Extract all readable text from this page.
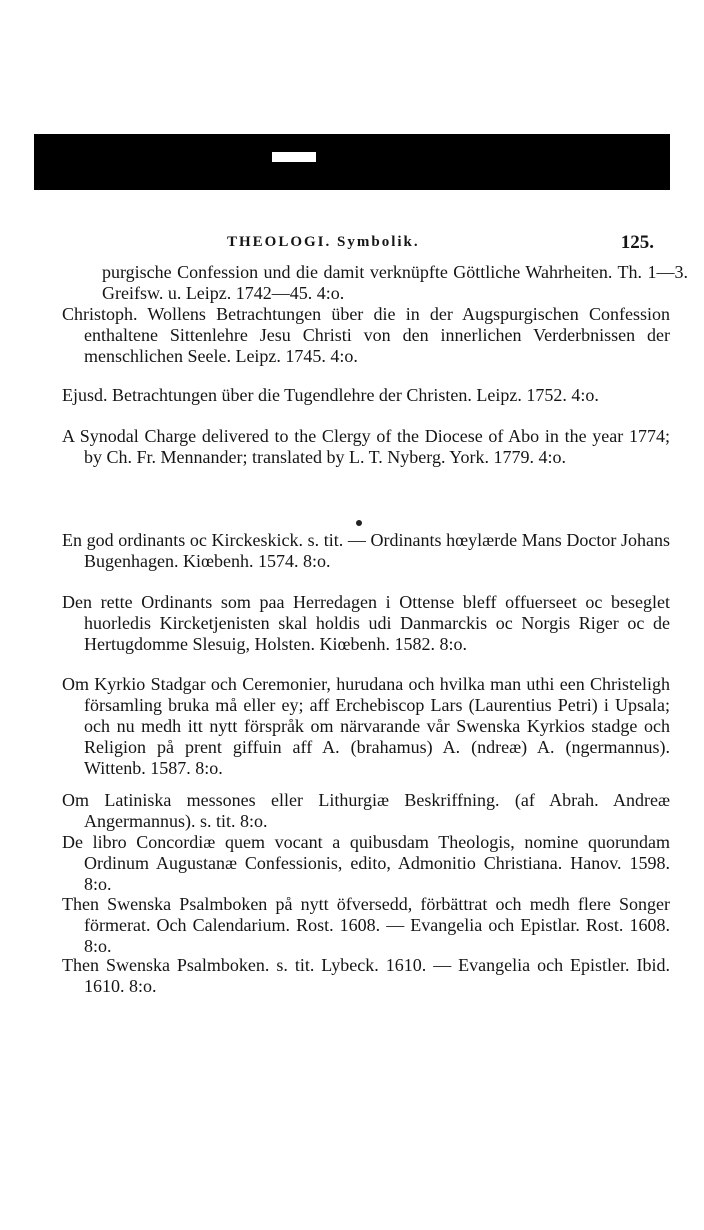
THEOLOGI. Symbolik.	125.
purgische Confession und die damit verknüpfte Göttliche Wahrheiten. Th. 1—3. Greifsw. u. Leipz. 1742—45. 4:o.
Christoph. Wollens Betrachtungen über die in der Augspurgischen Confession enthaltene Sittenlehre Jesu Christi von den innerlichen Verderbnissen der menschlichen Seele. Leipz. 1745. 4:o.
Ejusd. Betrachtungen über die Tugendlehre der Christen. Leipz. 1752. 4:o.
A Synodal Charge delivered to the Clergy of the Diocese of Abo in the year 1774; by Ch. Fr. Mennander; translated by L. T. Nyberg. York. 1779. 4:o.
En god ordinants oc Kirckeskick. s. tit. — Ordinants hœylærde Mans Doctor Johans Bugenhagen. Kiœbenh. 1574. 8:o.
Den rette Ordinants som paa Herredagen i Ottense bleff offuerseet oc beseglet huorledis Kircketjenisten skal holdis udi Danmarckis oc Norgis Riger oc de Hertugdomme Slesuig, Holsten. Kiœbenh. 1582. 8:o.
Om Kyrkio Stadgar och Ceremonier, hurudana och hvilka man uthi een Christeligh församling bruka må eller ey; aff Erchebiscop Lars (Laurentius Petri) i Upsala; och nu medh itt nytt förspråk om närvarande vår Swenska Kyrkios stadge och Religion på prent giffuin aff A. (brahamus) A. (ndreæ) A. (ngermannus). Wittenb. 1587. 8:o.
Om Latiniska messones eller Lithurgiæ Beskriffning. (af Abrah. Andreæ Angermannus). s. tit. 8:o.
De libro Concordiæ quem vocant a quibusdam Theologis, nomine quorundam Ordinum Augustanæ Confessionis, edito, Admonitio Christiana. Hanov. 1598. 8:o.
Then Swenska Psalmboken på nytt öfversedd, förbättrat och medh flere Songer förmerat. Och Calendarium. Rost. 1608. — Evangelia och Epistlar. Rost. 1608. 8:o.
Then Swenska Psalmboken. s. tit. Lybeck. 1610. — Evangelia och Epistler. Ibid. 1610. 8:o.
